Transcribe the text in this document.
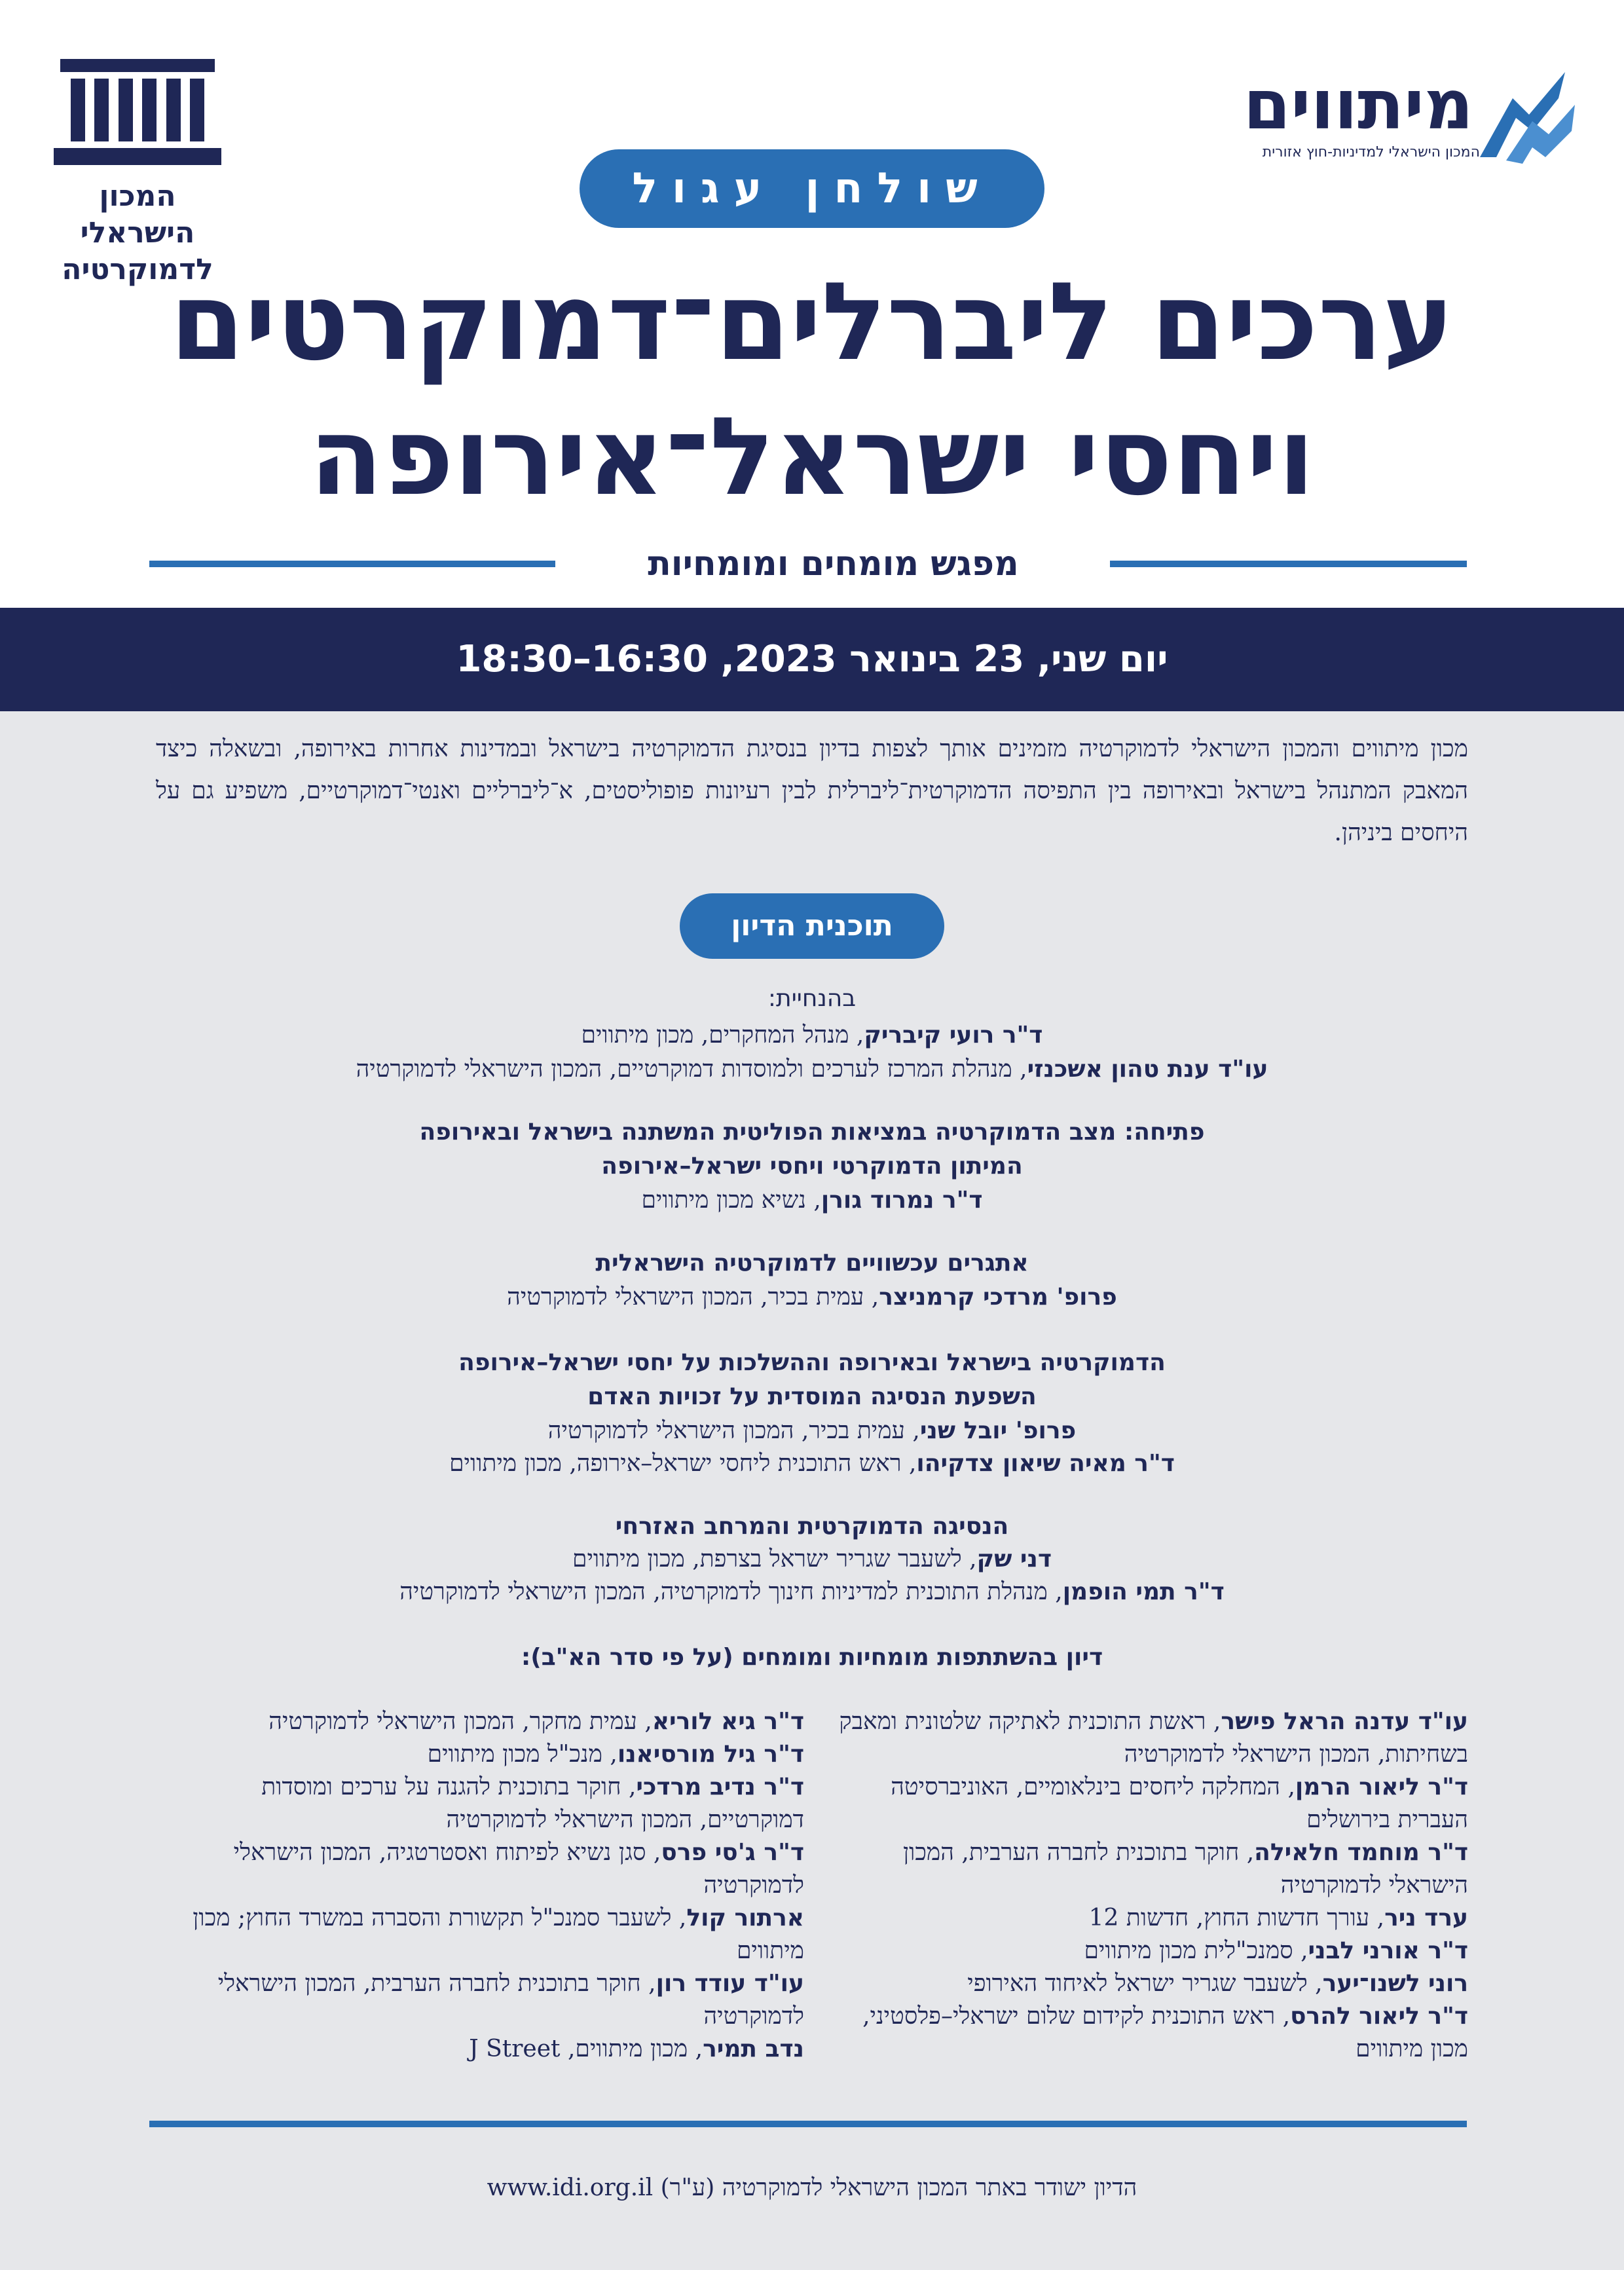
המכון הישראלי
לדמוקרטיה
מיתווים
המכון הישראלי למדיניות-חוץ אזורית
שולחן עגול
ערכים ליברלים־דמוקרטים
ויחסי ישראל־אירופה
מפגש מומחים ומומחיות
יום שני, 23 בינואר 2023, 16:30–18:30
מכון מיתווים והמכון הישראלי לדמוקרטיה מזמינים אותך לצפות בדיון בנסיגת הדמוקרטיה בישראל ובמדינות אחרות באירופה, ובשאלה כיצד המאבק המתנהל בישראל ובאירופה בין התפיסה הדמוקרטית־ליברלית לבין רעיונות פופוליסטים, א־ליברליים ואנטי־דמוקרטיים, משפיע גם על היחסים ביניהן.
תוכנית הדיון
בהנחיית:
ד"ר רועי קיבריק, מנהל המחקרים, מכון מיתווים
עו"ד ענת טהון אשכנזי, מנהלת המרכז לערכים ולמוסדות דמוקרטיים, המכון הישראלי לדמוקרטיה
פתיחה: מצב הדמוקרטיה במציאות הפוליטית המשתנה בישראל ובאירופה
המיתון הדמוקרטי ויחסי ישראל–אירופה
ד"ר נמרוד גורן, נשיא מכון מיתווים
אתגרים עכשוויים לדמוקרטיה הישראלית
פרופ' מרדכי קרמניצר, עמית בכיר, המכון הישראלי לדמוקרטיה
הדמוקרטיה בישראל ובאירופה וההשלכות על יחסי ישראל–אירופה
השפעת הנסיגה המוסדית על זכויות האדם
פרופ' יובל שני, עמית בכיר, המכון הישראלי לדמוקרטיה
ד"ר מאיה שיאון צדקיהו, ראש התוכנית ליחסי ישראל–אירופה, מכון מיתווים
הנסיגה הדמוקרטית והמרחב האזרחי
דני שק, לשעבר שגריר ישראל בצרפת, מכון מיתווים
ד"ר תמי הופמן, מנהלת התוכנית למדיניות חינוך לדמוקרטיה, המכון הישראלי לדמוקרטיה
דיון בהשתתפות מומחיות ומומחים (על פי סדר הא"ב):

עו"ד עדנה הראל פישר, ראשת התוכנית לאתיקה שלטונית ומאבק בשחיתות, המכון הישראלי לדמוקרטיה

ד"ר ליאור הרמן, המחלקה ליחסים בינלאומיים, האוניברסיטה העברית בירושלים

ד"ר מוחמד חלאילה, חוקר בתוכנית לחברה הערבית, המכון הישראלי לדמוקרטיה

ערד ניר, עורך חדשות החוץ, חדשות 12

ד"ר אורני לבני, סמנכ"לית מכון מיתווים

רוני לשנו־יער, לשעבר שגריר ישראל לאיחוד האירופי

ד"ר ליאור להרס, ראש התוכנית לקידום שלום ישראלי–פלסטיני, מכון מיתווים

ד"ר גיא לוריא, עמית מחקר, המכון הישראלי לדמוקרטיה

ד"ר גיל מורסיאנו, מנכ"ל מכון מיתווים

ד"ר נדיב מרדכי, חוקר בתוכנית להגנה על ערכים ומוסדות דמוקרטיים, המכון הישראלי לדמוקרטיה

ד"ר ג'סי פרס, סגן נשיא לפיתוח ואסטרטגיה, המכון הישראלי לדמוקרטיה

ארתור קול, לשעבר סמנכ"ל תקשורת והסברה במשרד החוץ; מכון מיתווים

עו"ד עודד רון, חוקר בתוכנית לחברה הערבית, המכון הישראלי לדמוקרטיה

נדב תמיר, מכון מיתווים, J Street

הדיון ישודר באתר המכון הישראלי לדמוקרטיה (ע"ר) www.idi.org.il
